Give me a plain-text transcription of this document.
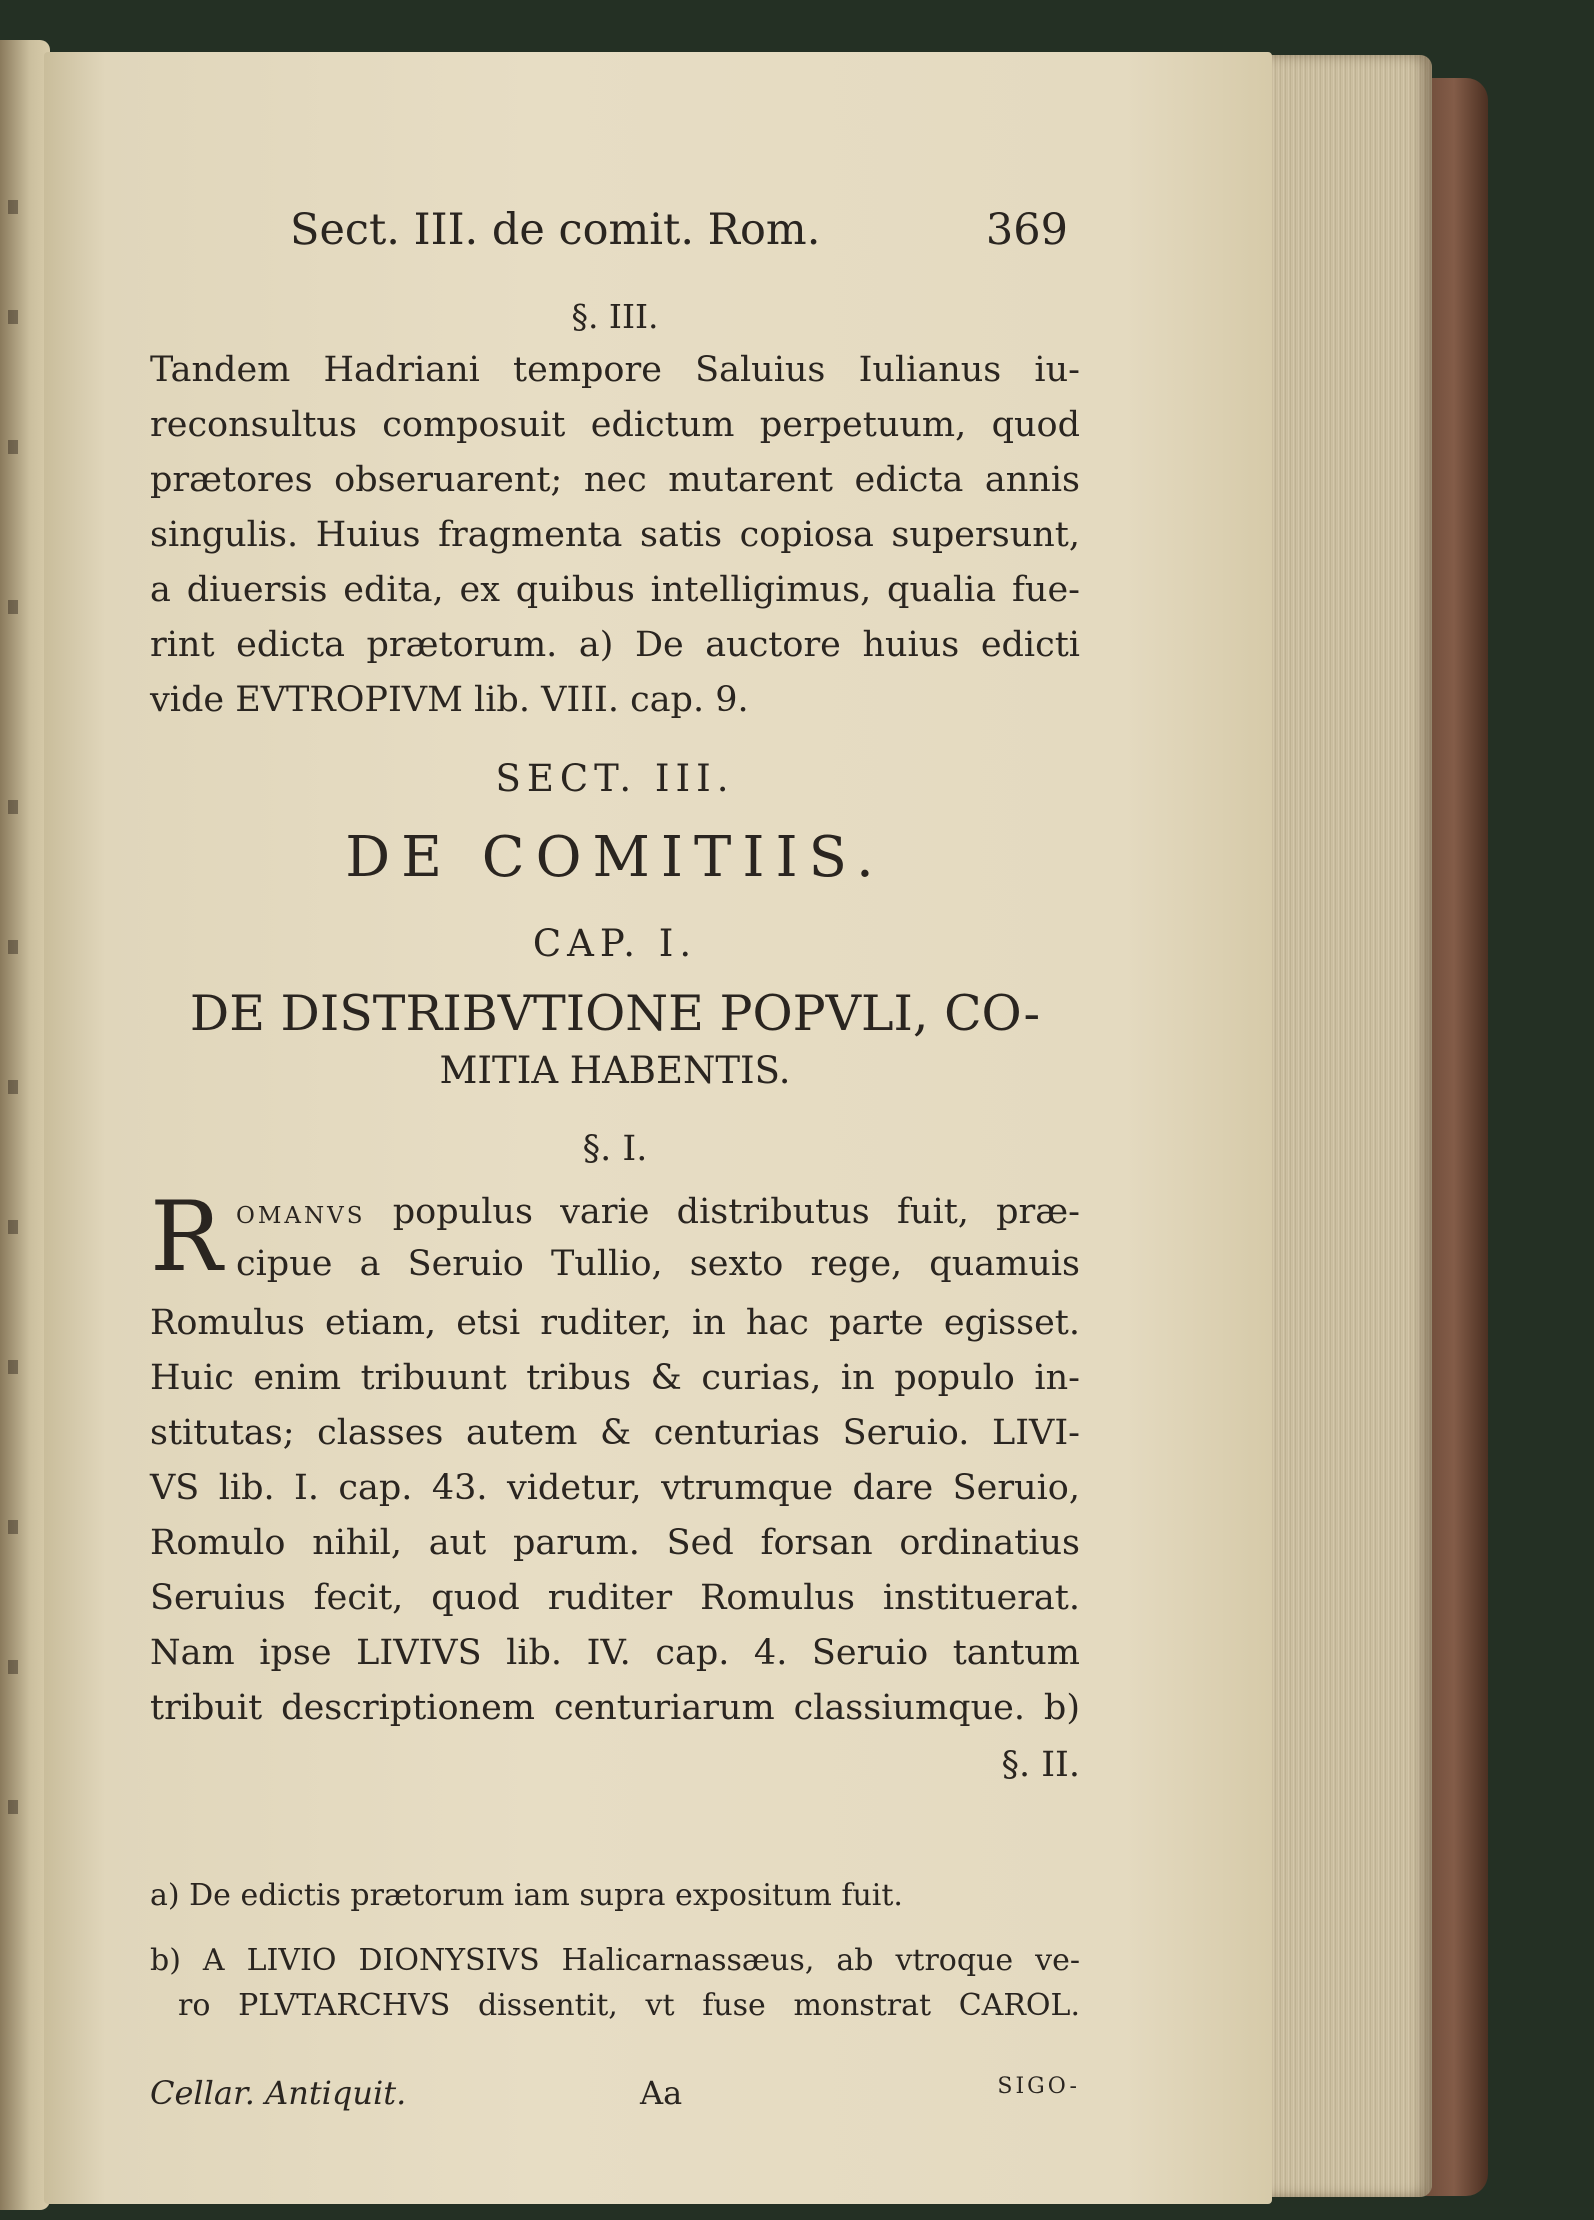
Sect. III. de comit. Rom.	369
§. III.
Tandem Hadriani tempore Saluius Iulianus iu-
reconsultus composuit edictum perpetuum, quod
prætores obseruarent; nec mutarent edicta annis
singulis. Huius fragmenta satis copiosa supersunt,
a diuersis edita, ex quibus intelligimus, qualia fue-
rint edicta prætorum. a) De auctore huius edicti
vide EVTROPIVM lib. VIII. cap. 9.
SECT. III.
DE COMITIIS.
CAP. I.
DE DISTRIBVTIONE POPVLI, CO-
MITIA HABENTIS.
§. I.
R OMANVS populus varie distributus fuit, præ-
cipue a Seruio Tullio, sexto rege, quamuis
Romulus etiam, etsi ruditer, in hac parte egisset.
Huic enim tribuunt tribus & curias, in populo in-
stitutas; classes autem & centurias Seruio. LIVI-
VS lib. I. cap. 43. videtur, vtrumque dare Seruio,
Romulo nihil, aut parum. Sed forsan ordinatius
Seruius fecit, quod ruditer Romulus instituerat.
Nam ipse LIVIVS lib. IV. cap. 4. Seruio tantum
tribuit descriptionem centuriarum classiumque. b)
§. II.
a) De edictis prætorum iam supra expositum fuit.
b) A LIVIO DIONYSIVS Halicarnassæus, ab vtroque ve-
ro PLVTARCHVS dissentit, vt fuse monstrat CAROL.
Cellar. Antiquit.	Aa	SIGO-
